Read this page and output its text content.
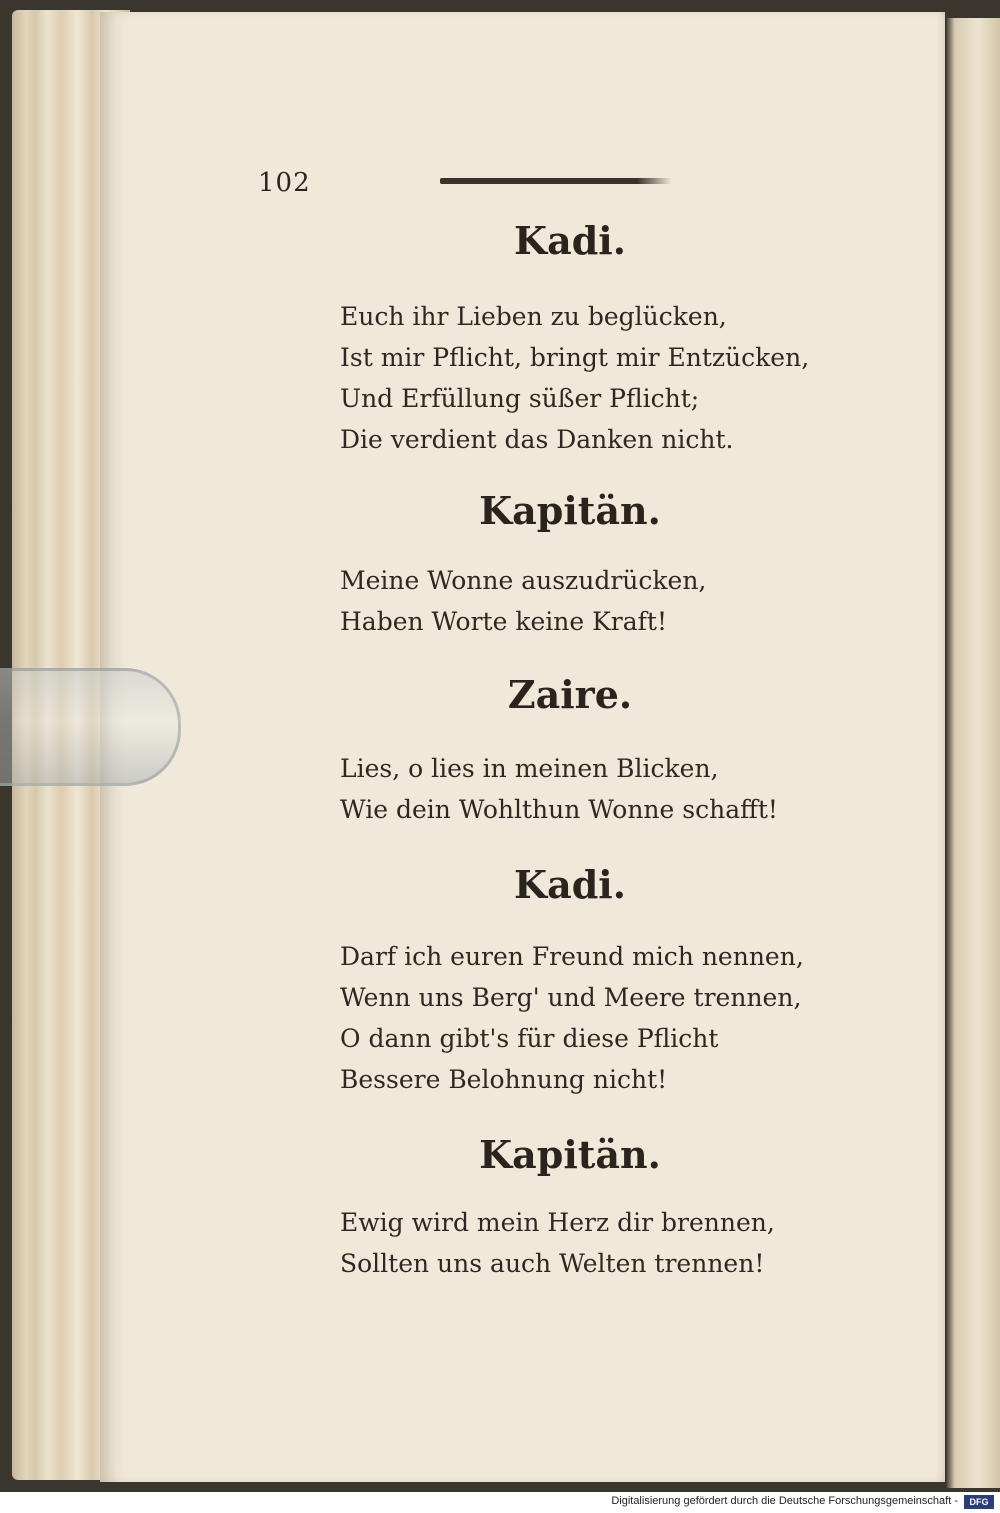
102
Kadi.
Euch ihr Lieben zu beglücken,
Ist mir Pflicht, bringt mir Entzücken,
Und Erfüllung süßer Pflicht;
Die verdient das Danken nicht.
Kapitän.
Meine Wonne auszudrücken,
Haben Worte keine Kraft!
Zaire.
Lies, o lies in meinen Blicken,
Wie dein Wohlthun Wonne schafft!
Kadi.
Darf ich euren Freund mich nennen,
Wenn uns Berg' und Meere trennen,
O dann gibt's für diese Pflicht
Bessere Belohnung nicht!
Kapitän.
Ewig wird mein Herz dir brennen,
Sollten uns auch Welten trennen!
Digitalisierung gefördert durch die Deutsche Forschungsgemeinschaft -	DFG
